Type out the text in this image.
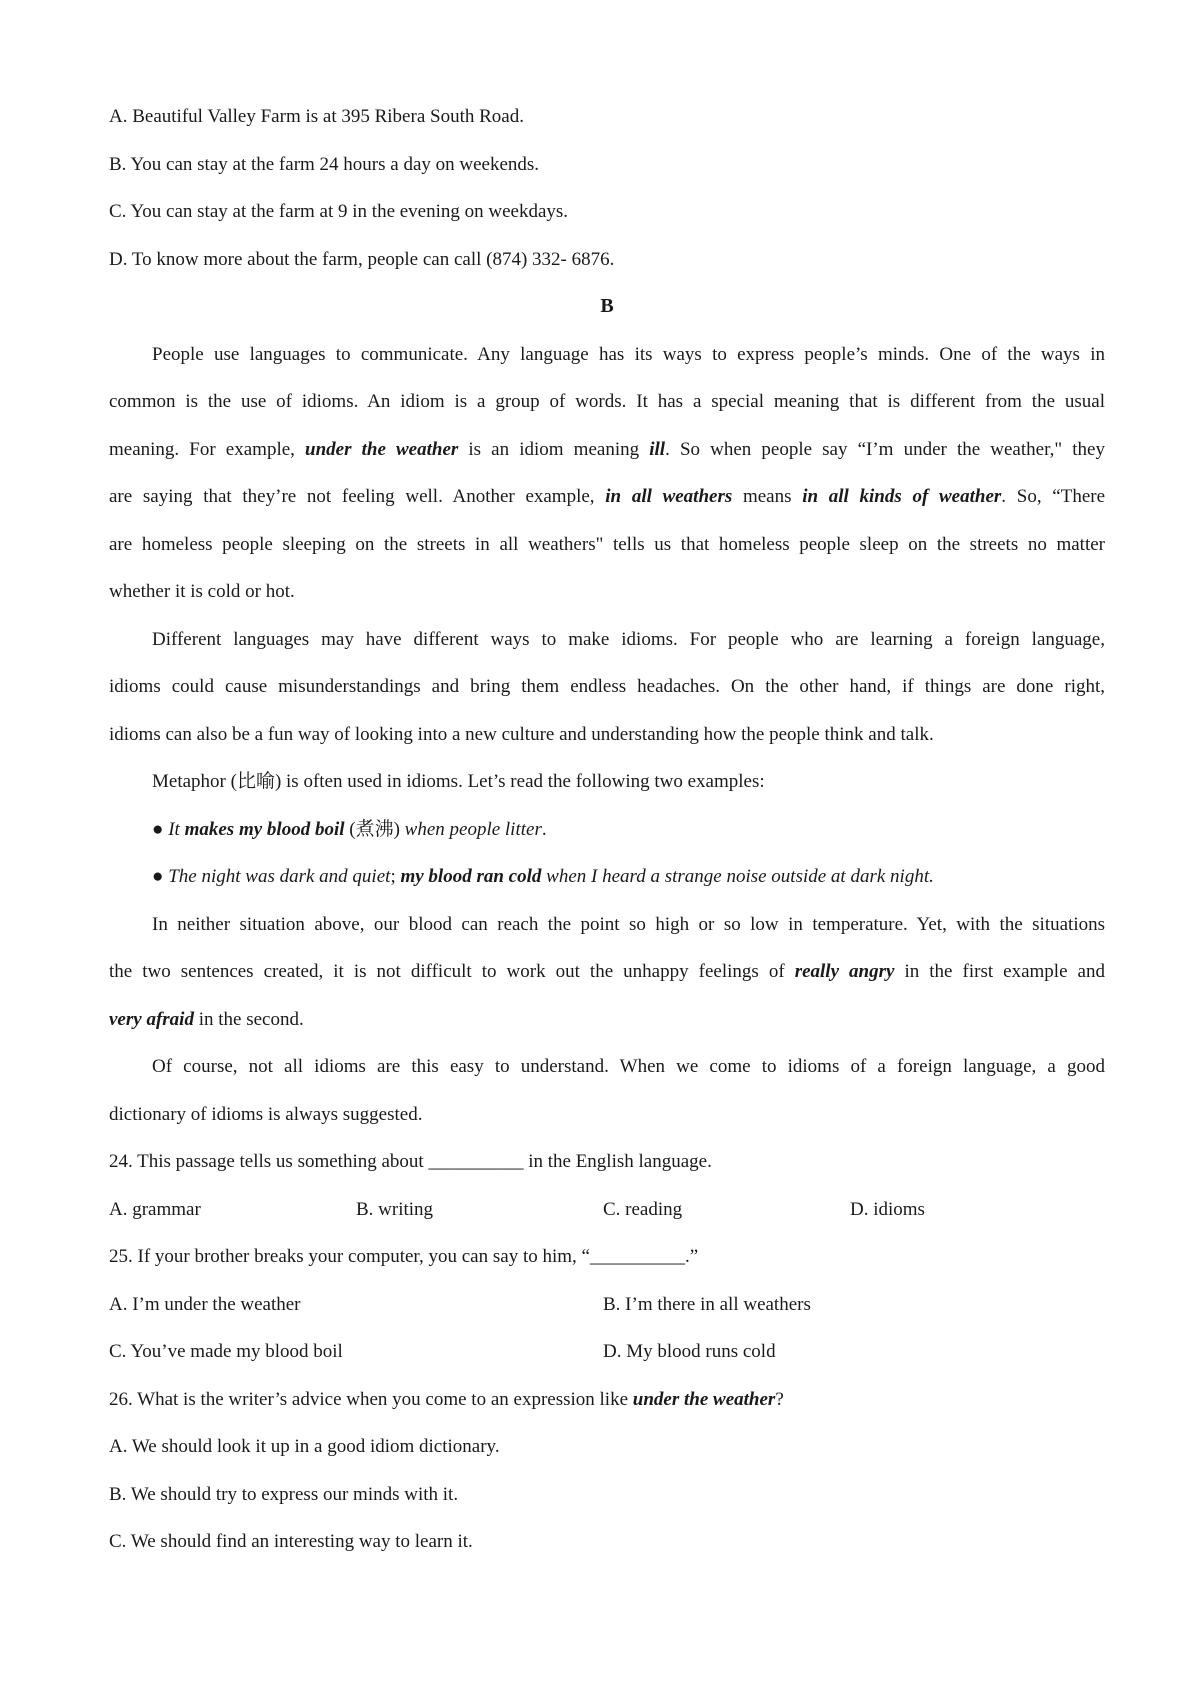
A. Beautiful Valley Farm is at 395 Ribera South Road.
B. You can stay at the farm 24 hours a day on weekends.
C. You can stay at the farm at 9 in the evening on weekdays.
D. To know more about the farm, people can call (874) 332- 6876.
B
People use languages to communicate. Any language has its ways to express people’s minds. One of the ways in
common is the use of idioms. An idiom is a group of words. It has a special meaning that is different from the usual
meaning. For example, under the weather is an idiom meaning ill. So when people say “I’m under the weather," they
are saying that they’re not feeling well. Another example, in all weathers means in all kinds of weather. So, “There
are homeless people sleeping on the streets in all weathers" tells us that homeless people sleep on the streets no matter
whether it is cold or hot.
Different languages may have different ways to make idioms. For people who are learning a foreign language,
idioms could cause misunderstandings and bring them endless headaches. On the other hand, if things are done right,
idioms can also be a fun way of looking into a new culture and understanding how the people think and talk.
Metaphor (比喻) is often used in idioms. Let’s read the following two examples:
● It makes my blood boil (煮沸) when people litter.
● The night was dark and quiet; my blood ran cold when I heard a strange noise outside at dark night.
In neither situation above, our blood can reach the point so high or so low in temperature. Yet, with the situations
the two sentences created, it is not difficult to work out the unhappy feelings of really angry in the first example and
very afraid in the second.
Of course, not all idioms are this easy to understand. When we come to idioms of a foreign language, a good
dictionary of idioms is always suggested.
24. This passage tells us something about __________ in the English language.
A. grammar	B. writing	C. reading	D. idioms
25. If your brother breaks your computer, you can say to him, “__________.”
A. I’m under the weather	B. I’m there in all weathers
C. You’ve made my blood boil	D. My blood runs cold
26. What is the writer’s advice when you come to an expression like under the weather?
A. We should look it up in a good idiom dictionary.
B. We should try to express our minds with it.
C. We should find an interesting way to learn it.
